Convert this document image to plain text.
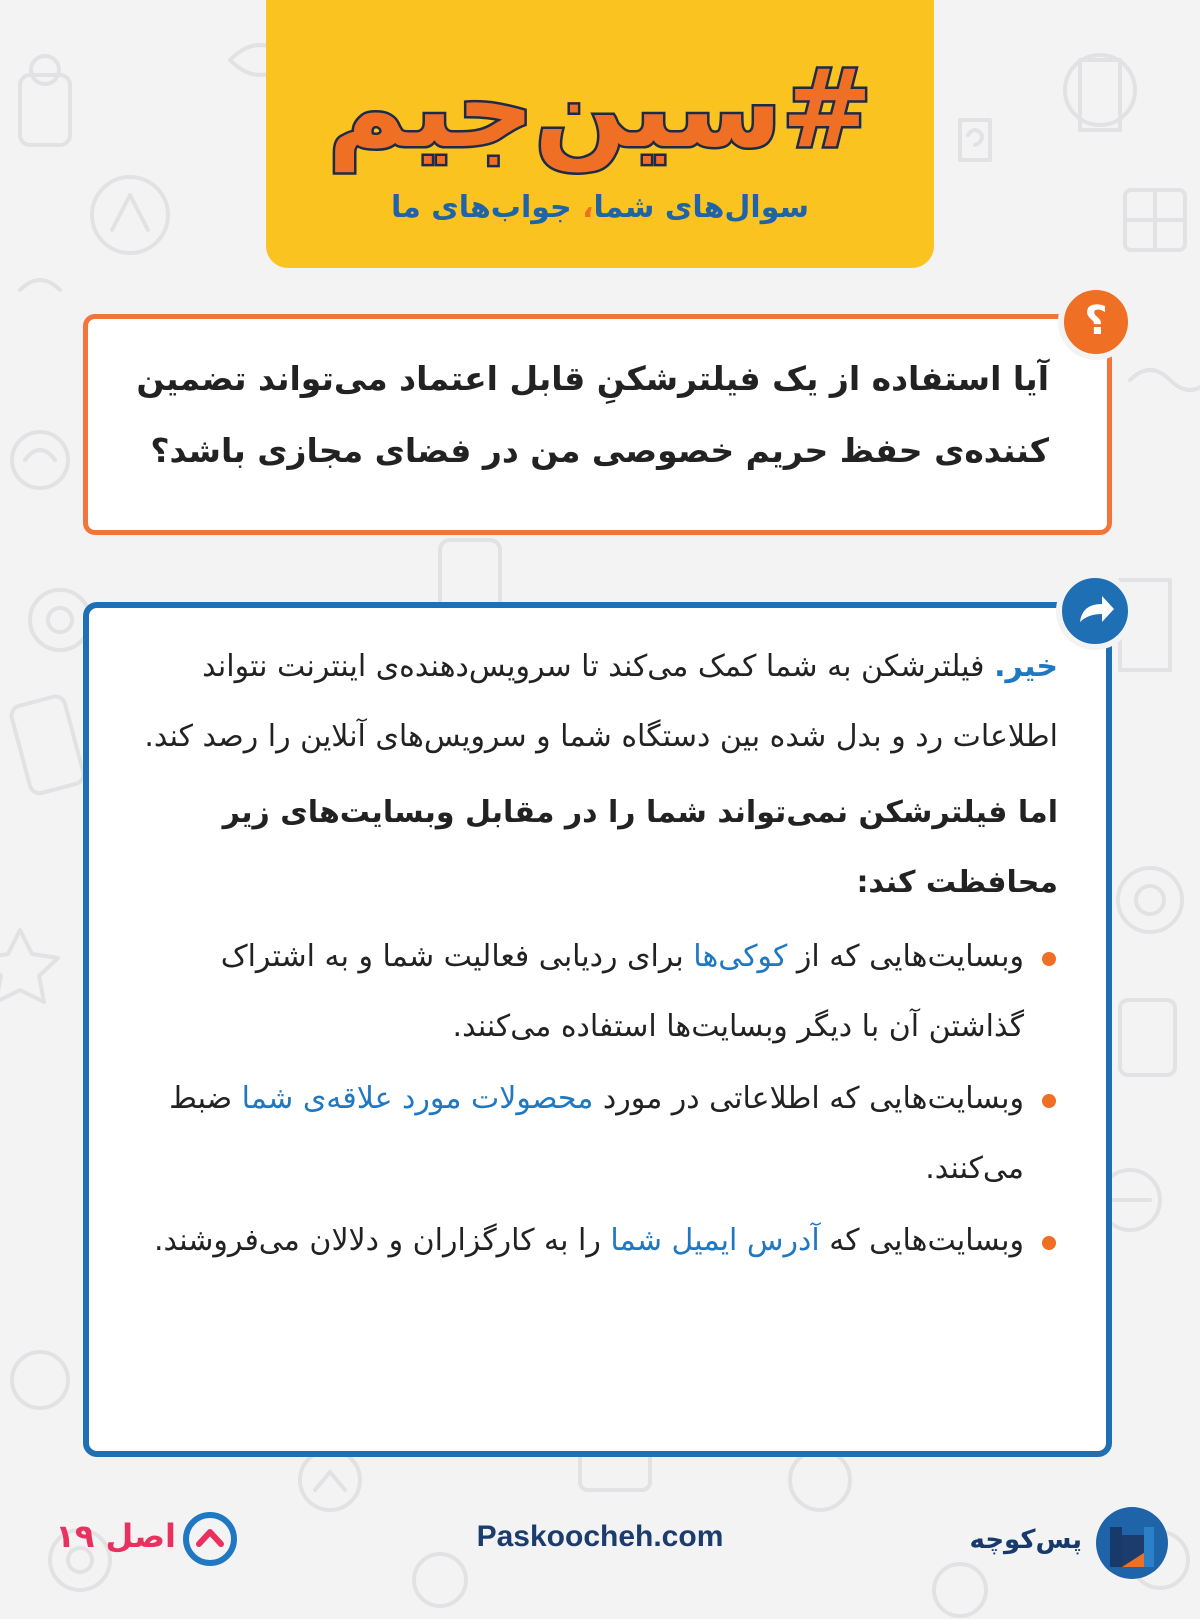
#سین‌جیم
سوال‌های شما، جواب‌های ما
؟
آیا استفاده از یک فیلترشکنِ قابل اعتماد می‌تواند تضمین کننده‌ی حفظ حریم خصوصی من در فضای مجازی باشد؟

خیر. فیلترشکن به شما کمک می‌کند تا سرویس‌دهنده‌ی اینترنت نتواند اطلاعات رد و بدل شده بین دستگاه شما و سرویس‌های آنلاین را رصد کند.

اما فیلترشکن نمی‌تواند شما را در مقابل وبسایت‌های زیر محافظت کند:

وبسایت‌هایی که از کوکی‌ها برای ردیابی فعالیت شما و به اشتراک گذاشتن آن با دیگر وبسایت‌ها استفاده می‌کنند.
وبسایت‌هایی که اطلاعاتی در مورد محصولات مورد علاقه‌ی شما ضبط می‌کنند.
وبسایت‌هایی که آدرس ایمیل شما را به کارگزاران و دلالان می‌فروشند.
پس‌کوچه
Paskoocheh.com
اصل ۱۹
